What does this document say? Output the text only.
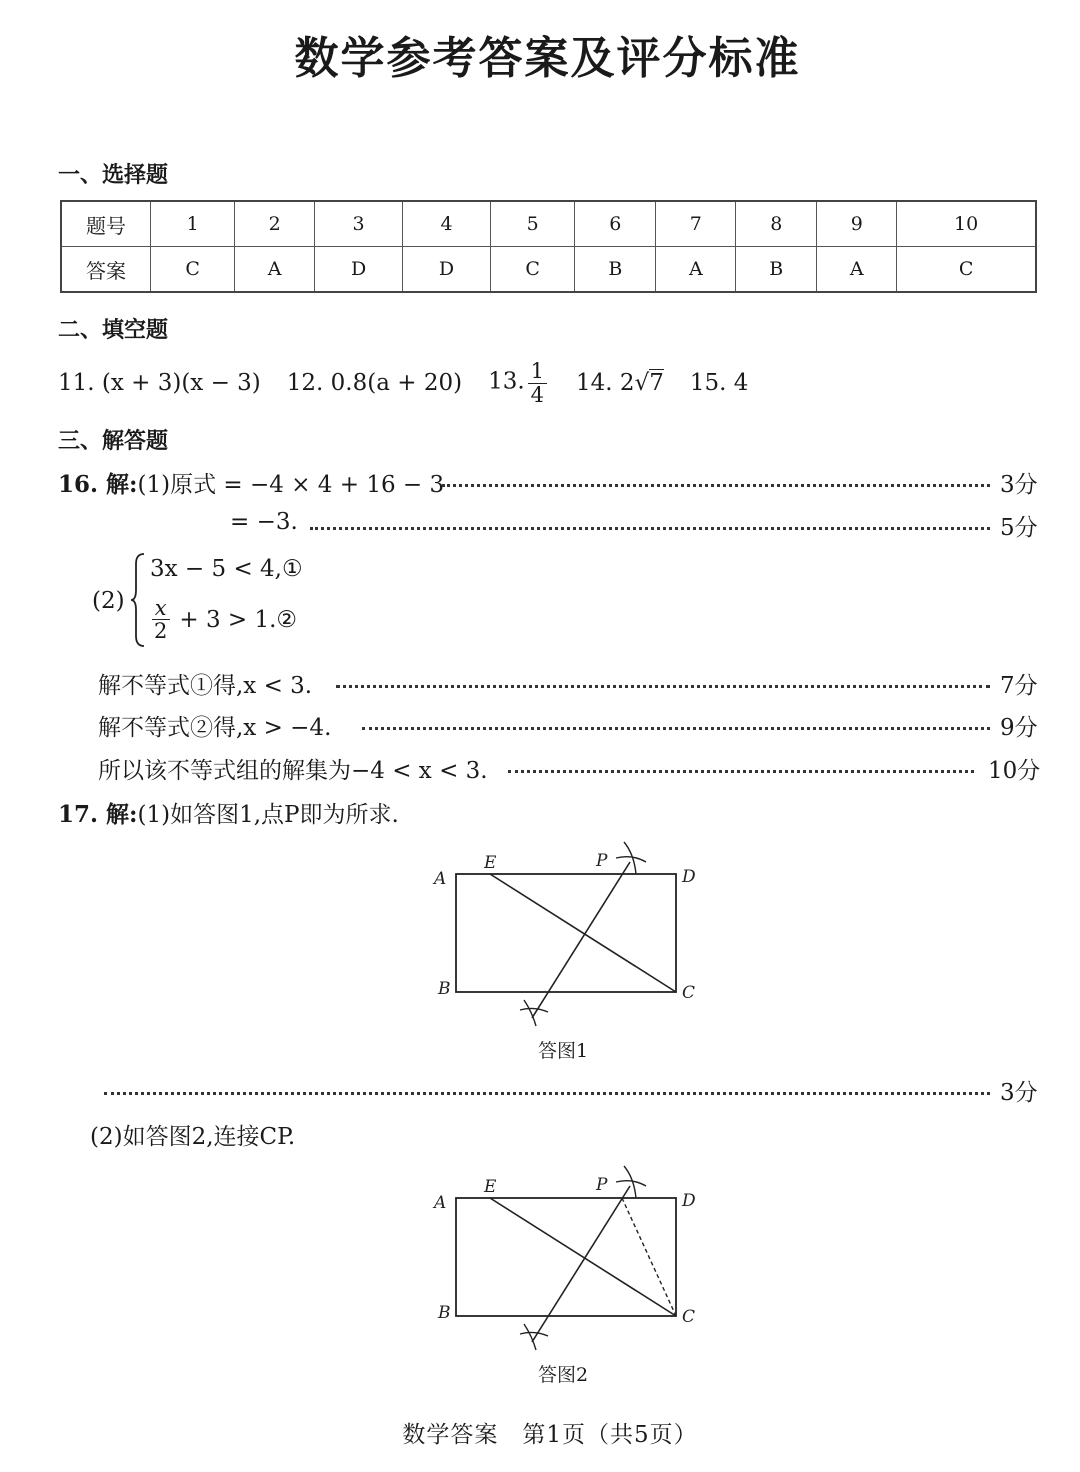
数学参考答案及评分标准
一、选择题
题号	1	2	3	4	5	6	7	8	9	10
答案	C	A	D	D	C	B	A	B	A	C
二、填空题
11. (x + 3)(x − 3) 12. 0.8(a + 20) 13. $\frac{1}{4} 14$. 2√7 15. 4
三、解答题
16. 解:(1)原式 = −4 × 4 + 16 − 3	3分
= −3.	5分
(2)
3x − 5 < 4,①
$\frac{x}{2} + 3$ > 1.②
解不等式①得,x < 3.	7分
解不等式②得,x > −4.	9分
所以该不等式组的解集为−4 < x < 3.	10分
17. 解:(1)如答图1,点P即为所求.
A
B	C
D
E	P
答图1
3分
(2)如答图2,连接CP.
A
B	C
D
E	P
答图2
数学答案　第1页（共5页）
